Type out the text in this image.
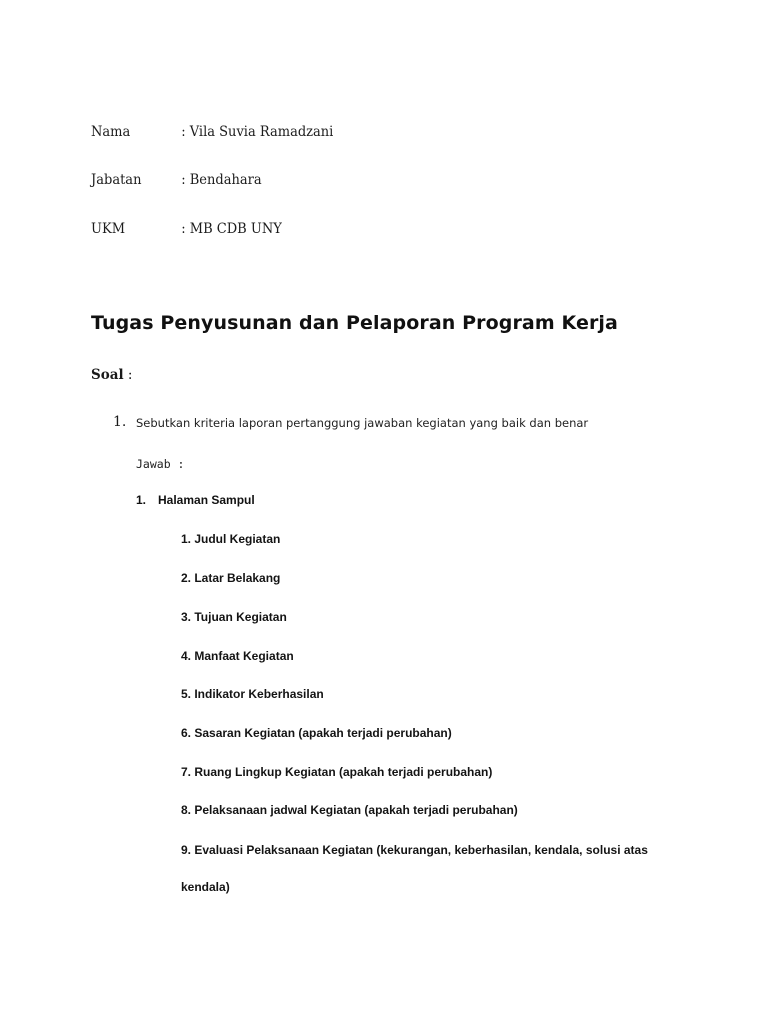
Nama	: Vila Suvia Ramadzani
Jabatan	: Bendahara
UKM	: MB CDB UNY
Tugas Penyusunan dan Pelaporan Program Kerja
Soal :
1. Sebutkan kriteria laporan pertanggung jawaban kegiatan yang baik dan benar
Jawab :
1. Halaman Sampul
1. Judul Kegiatan
2. Latar Belakang
3. Tujuan Kegiatan
4. Manfaat Kegiatan
5. Indikator Keberhasilan
6. Sasaran Kegiatan (apakah terjadi perubahan)
7. Ruang Lingkup Kegiatan (apakah terjadi perubahan)
8. Pelaksanaan jadwal Kegiatan (apakah terjadi perubahan)
9. Evaluasi Pelaksanaan Kegiatan (kekurangan, keberhasilan, kendala, solusi atas
kendala)
